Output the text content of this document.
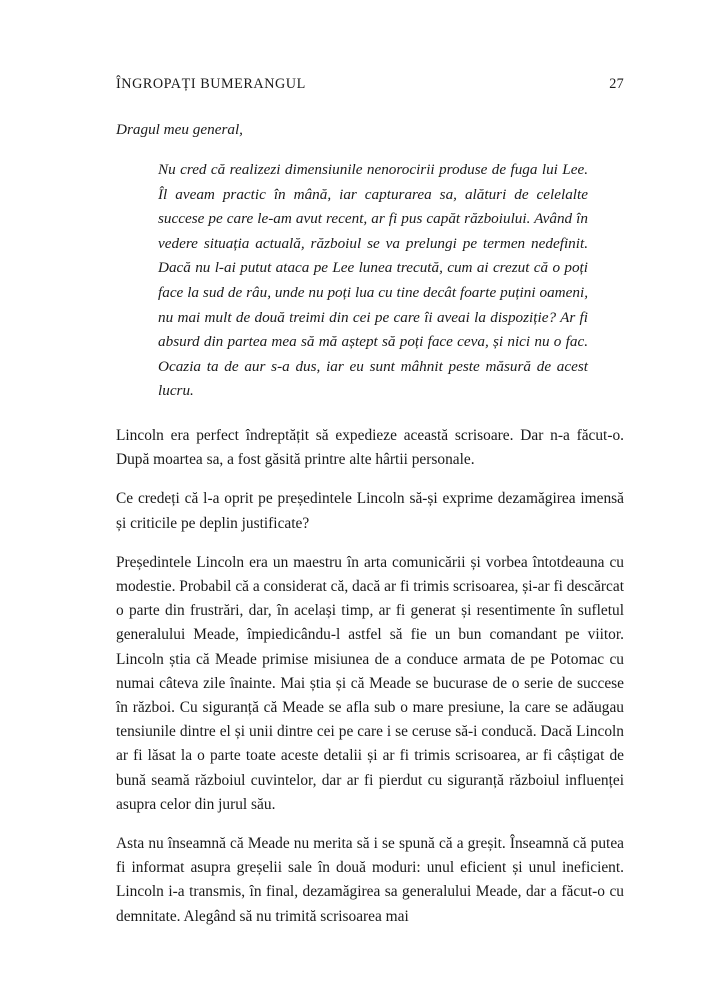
ÎNGROPAȚI BUMERANGUL	27

Dragul meu general,

Nu cred că realizezi dimensiunile nenorocirii produse de fuga lui Lee. Îl aveam practic în mână, iar capturarea sa, alături de celelalte succese pe care le-am avut recent, ar fi pus capăt războiului. Având în vedere situația actuală, războiul se va prelungi pe termen nedefinit. Dacă nu l-ai putut ataca pe Lee lunea trecută, cum ai crezut că o poți face la sud de râu, unde nu poți lua cu tine decât foarte puțini oameni, nu mai mult de două treimi din cei pe care îi aveai la dispoziție? Ar fi absurd din partea mea să mă aștept să poți face ceva, și nici nu o fac. Ocazia ta de aur s-a dus, iar eu sunt mâhnit peste măsură de acest lucru.

Lincoln era perfect îndreptățit să expedieze această scrisoare. Dar n-a făcut-o. După moartea sa, a fost găsită printre alte hârtii personale.

Ce credeți că l-a oprit pe președintele Lincoln să-și exprime dezamăgirea imensă și criticile pe deplin justificate?

Președintele Lincoln era un maestru în arta comunicării și vorbea întotdeauna cu modestie. Probabil că a considerat că, dacă ar fi trimis scrisoarea, și-ar fi descărcat o parte din frustrări, dar, în același timp, ar fi generat și resentimente în sufletul generalului Meade, împiedicându-l astfel să fie un bun comandant pe viitor. Lincoln știa că Meade primise misiunea de a conduce armata de pe Potomac cu numai câteva zile înainte. Mai știa și că Meade se bucurase de o serie de succese în război. Cu siguranță că Meade se afla sub o mare presiune, la care se adăugau tensiunile dintre el și unii dintre cei pe care i se ceruse să-i conducă. Dacă Lincoln ar fi lăsat la o parte toate aceste detalii și ar fi trimis scrisoarea, ar fi câștigat de bună seamă războiul cuvintelor, dar ar fi pierdut cu siguranță războiul influenței asupra celor din jurul său.

Asta nu înseamnă că Meade nu merita să i se spună că a greșit. Înseamnă că putea fi informat asupra greșelii sale în două moduri: unul eficient și unul ineficient. Lincoln i-a transmis, în final, dezamăgirea sa generalului Meade, dar a făcut-o cu demnitate. Alegând să nu trimită scrisoarea mai
